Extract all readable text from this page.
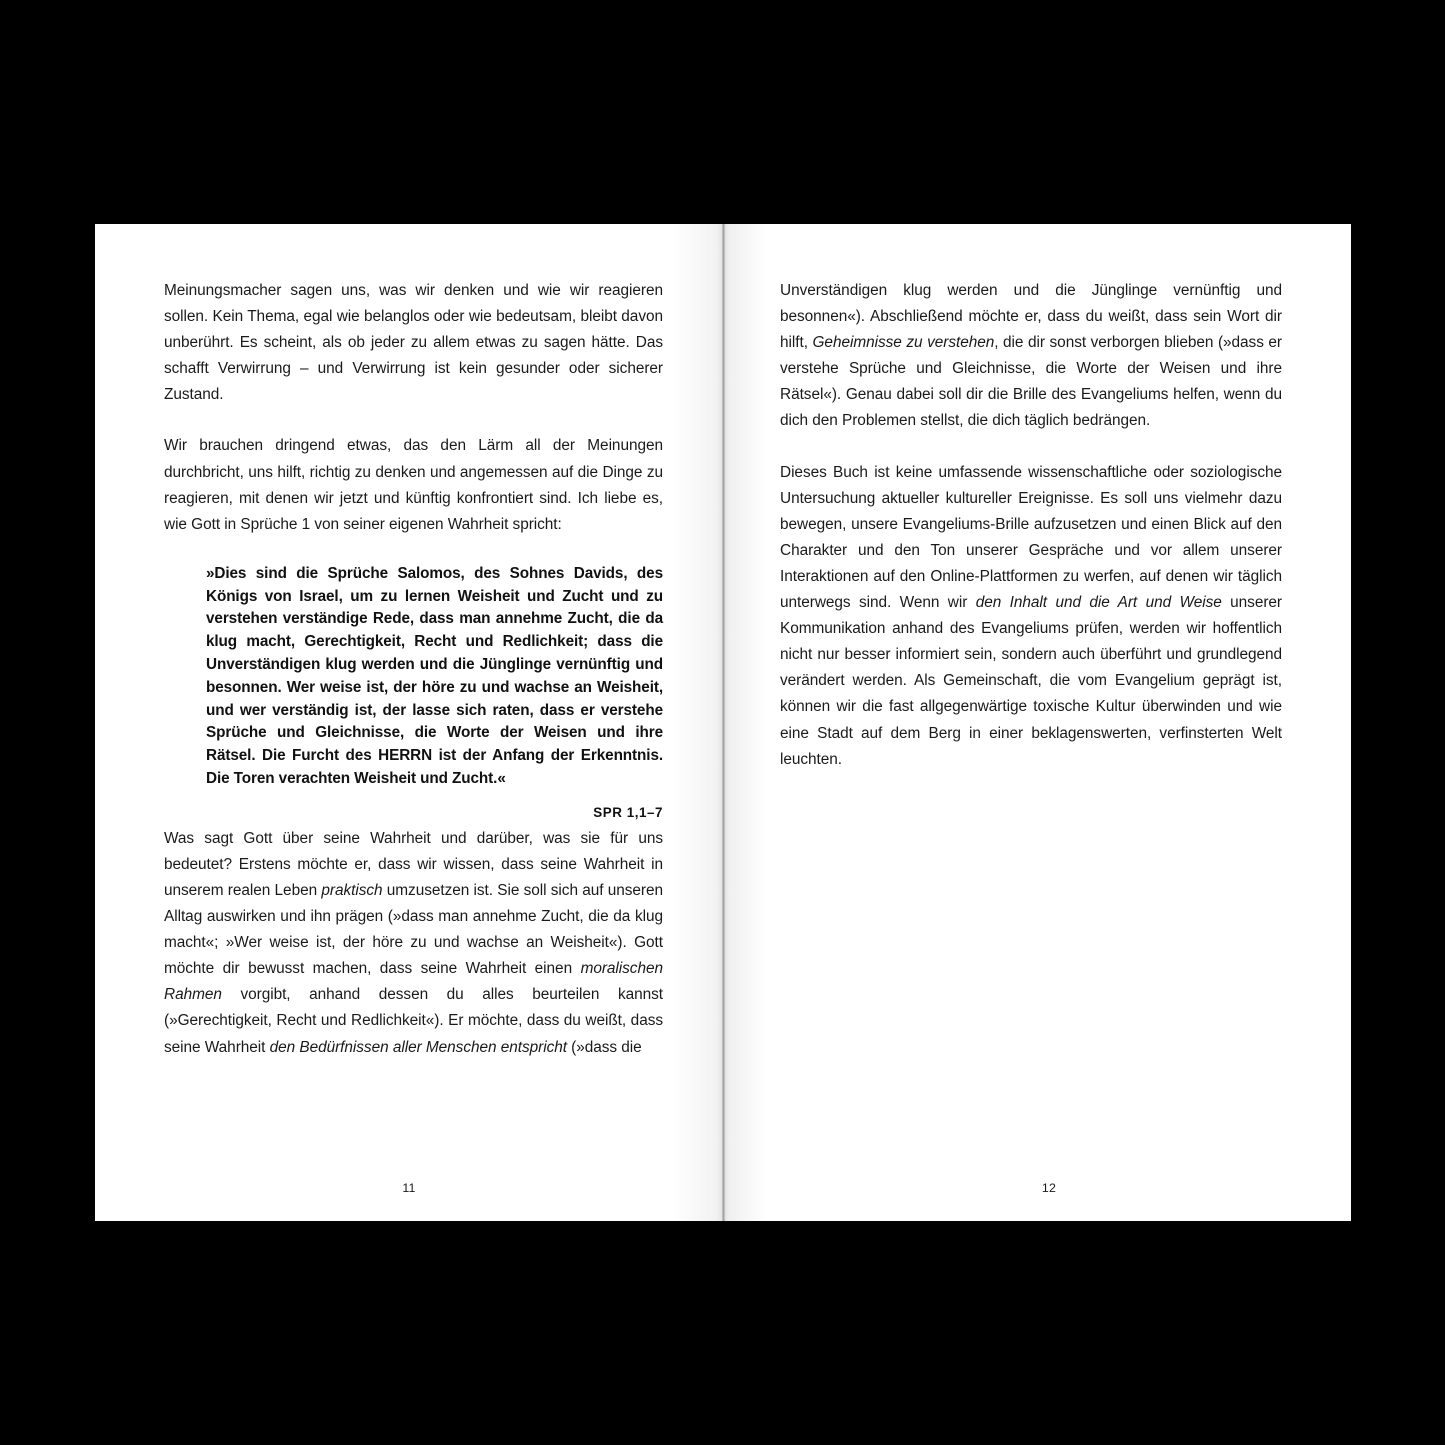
Meinungsmacher sagen uns, was wir denken und wie wir reagieren sollen. Kein Thema, egal wie belanglos oder wie bedeutsam, bleibt davon unberührt. Es scheint, als ob jeder zu allem etwas zu sagen hätte. Das schafft Verwirrung – und Verwirrung ist kein gesunder oder sicherer Zustand.

Wir brauchen dringend etwas, das den Lärm all der Meinungen durchbricht, uns hilft, richtig zu denken und angemessen auf die Dinge zu reagieren, mit denen wir jetzt und künftig konfrontiert sind. Ich liebe es, wie Gott in Sprüche 1 von seiner eigenen Wahrheit spricht:

»Dies sind die Sprüche Salomos, des Sohnes Davids, des Königs von Israel, um zu lernen Weisheit und Zucht und zu verstehen verständige Rede, dass man annehme Zucht, die da klug macht, Gerechtigkeit, Recht und Redlichkeit; dass die Unverständigen klug werden und die Jünglinge vernünftig und besonnen. Wer weise ist, der höre zu und wachse an Weisheit, und wer verständig ist, der lasse sich raten, dass er verstehe Sprüche und Gleichnisse, die Worte der Weisen und ihre Rätsel. Die Furcht des HERRN ist der Anfang der Erkenntnis. Die Toren verachten Weisheit und Zucht.«

SPR 1,1–7

Was sagt Gott über seine Wahrheit und darüber, was sie für uns bedeutet? Erstens möchte er, dass wir wissen, dass seine Wahrheit in unserem realen Leben praktisch umzusetzen ist. Sie soll sich auf unseren Alltag auswirken und ihn prägen (»dass man annehme Zucht, die da klug macht«; »Wer weise ist, der höre zu und wachse an Weisheit«). Gott möchte dir bewusst machen, dass seine Wahrheit einen moralischen Rahmen vorgibt, anhand dessen du alles beurteilen kannst (»Gerechtigkeit, Recht und Redlichkeit«). Er möchte, dass du weißt, dass seine Wahrheit den Bedürfnissen aller Menschen entspricht (»dass die

11

Unverständigen klug werden und die Jünglinge vernünftig und besonnen«). Abschließend möchte er, dass du weißt, dass sein Wort dir hilft, Geheimnisse zu verstehen, die dir sonst verborgen blieben (»dass er verstehe Sprüche und Gleichnisse, die Worte der Weisen und ihre Rätsel«). Genau dabei soll dir die Brille des Evangeliums helfen, wenn du dich den Problemen stellst, die dich täglich bedrängen.

Dieses Buch ist keine umfassende wissenschaftliche oder soziologische Untersuchung aktueller kultureller Ereignisse. Es soll uns vielmehr dazu bewegen, unsere Evangeliums-Brille aufzusetzen und einen Blick auf den Charakter und den Ton unserer Gespräche und vor allem unserer Interaktionen auf den Online-Plattformen zu werfen, auf denen wir täglich unterwegs sind. Wenn wir den Inhalt und die Art und Weise unserer Kommunikation anhand des Evangeliums prüfen, werden wir hoffentlich nicht nur besser informiert sein, sondern auch überführt und grundlegend verändert werden. Als Gemeinschaft, die vom Evangelium geprägt ist, können wir die fast allgegenwärtige toxische Kultur überwinden und wie eine Stadt auf dem Berg in einer beklagenswerten, verfinsterten Welt leuchten.

12
